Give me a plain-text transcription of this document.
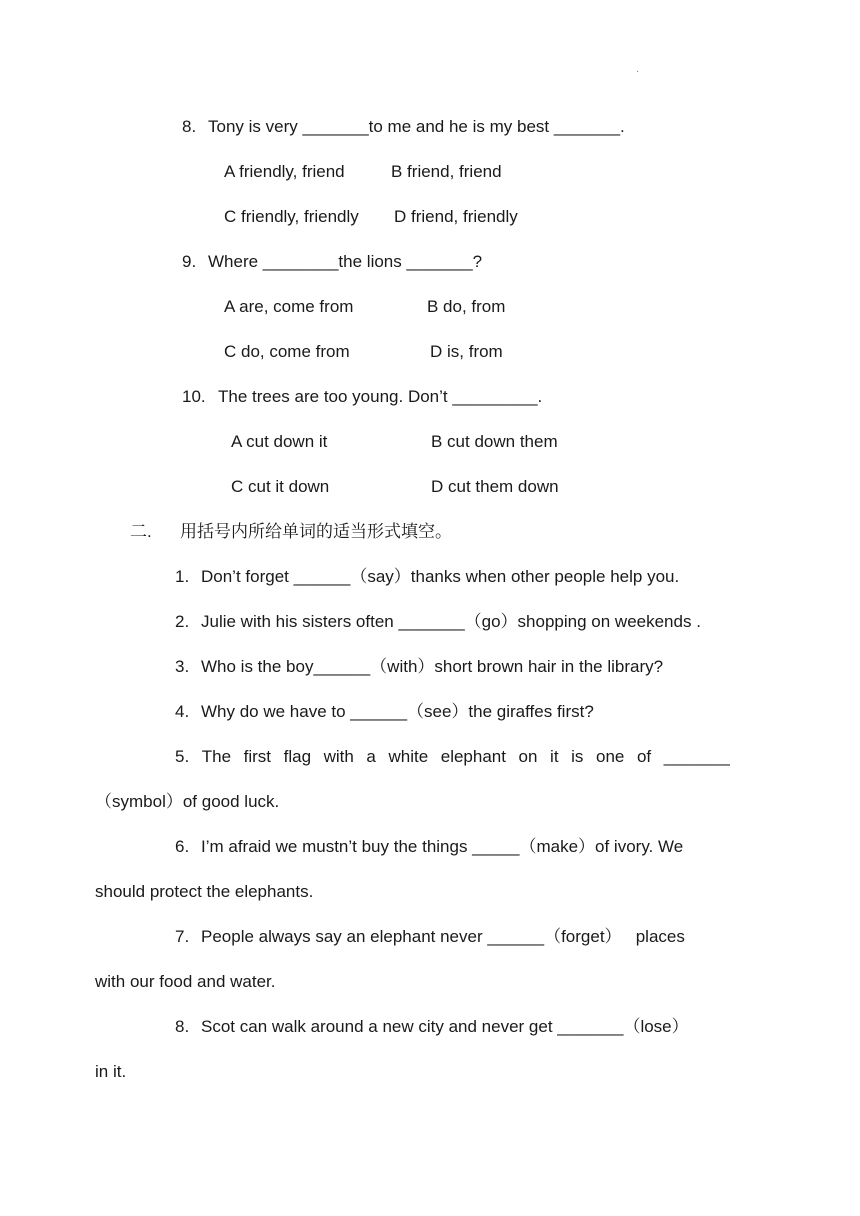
·
8. Tony is very _______to me and he is my best _______.
A friendly, friend	B friend, friend
C friendly, friendly D friend, friendly
9. Where ________the lions _______?
A are, come from	B do, from
C do, come from	D is, from
10. The trees are too young. Don’t _________.
A cut down it	B cut down them
C cut it down	D cut them down
二. 用括号内所给单词的适当形式填空。
1. Don’t forget ______（say）thanks when other people help you.
2. Julie with his sisters often _______（go）shopping on weekends .
3. Who is the boy______（with）short brown hair in the library?
4. Why do we have to ______（see）the giraffes first?
5. The first flag with a white elephant on it is one of _______
（symbol）of good luck.
6. I’m afraid we mustn’t buy the things _____（make）of ivory. We
should protect the elephants.
7. People always say an elephant never ______（forget）   places
with our food and water.
8. Scot can walk around a new city and never get _______（lose）
in it.
